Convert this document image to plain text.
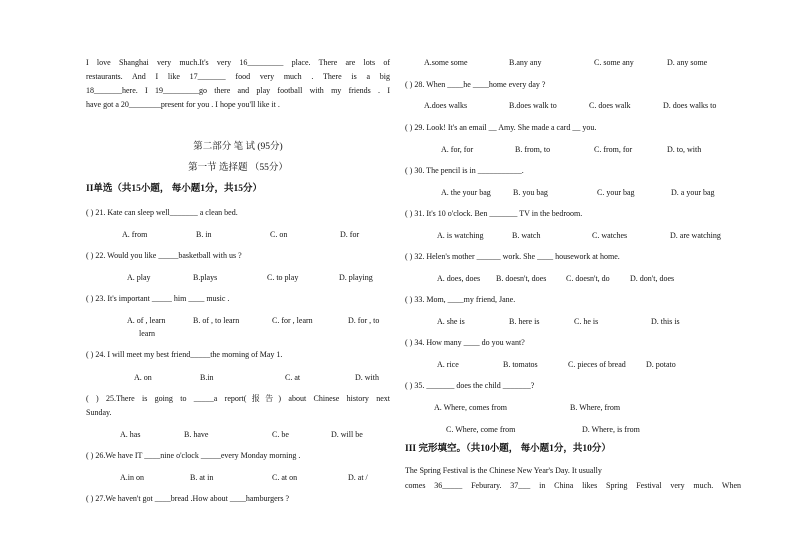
I love Shanghai very much.It's very 16_________ place. There are lots of
restaurants. And I like 17_______ food very much . There is a big
18_______here. I 19_________go there and play football with my friends . I
have got a 20________present for you . I hope you'll like it .
第二部分 笔 试 (95分)
第一节 选择题 （55分）
II单选（共15小题， 每小题1分，共15分）
( ) 21. Kate can sleep well_______ a clean bed.
A. from	B. in	C. on	D. for
( ) 22. Would you like _____basketball with us ?
A. play	B.plays	C. to play	D. playing
( ) 23. It's important _____ him ____ music .
A. of , learn	B. of , to learn	C. for , learn	D. for , to
learn
( ) 24. I will meet my best friend_____the morning of May 1.
A. on	B.in	C. at	D. with
( ) 25.There is going to _____a report(报告) about Chinese history next
Sunday.
A. has	B. have	C. be	D. will be
( ) 26.We have IT ____nine o'clock _____every Monday morning .
A.in on	B. at in	C. at on	D. at /
( ) 27.We haven't got ____bread .How about ____hamburgers ?
A.some some	B.any any	C. some any	D. any some
( ) 28. When ____he ____home every day ?
A.does walks	B.does walk to	C. does walk	D. does walks to
( ) 29. Look! It's an email __ Amy. She made a card __ you.
A. for, for	B. from, to	C. from, for	D. to, with
( ) 30. The pencil is in ___________.
A. the your bag	B. you bag	C. your bag	D. a your bag
( ) 31. It's 10 o'clock. Ben _______ TV in the bedroom.
A. is watching	B. watch	C. watches	D. are watching
( ) 32. Helen's mother ______ work. She ____ housework at home.
A. does, does B. doesn't, does C. doesn't, do	D. don't, does
( ) 33. Mom, ____my friend, Jane.
A. she is	B. here is	C. he is	D. this is
( ) 34. How many ____ do you want?
A. rice	B. tomatos	C. pieces of bread	D. potato
( ) 35. _______ does the child _______?
A. Where, comes from	B. Where, from
C. Where, come from	D. Where, is from
III 完形填空。（共10小题， 每小题1分，共10分）
The Spring Festival is the Chinese New Year's Day. It usually
comes 36_____ Feburary. 37___ in China likes Spring Festival very much. When
